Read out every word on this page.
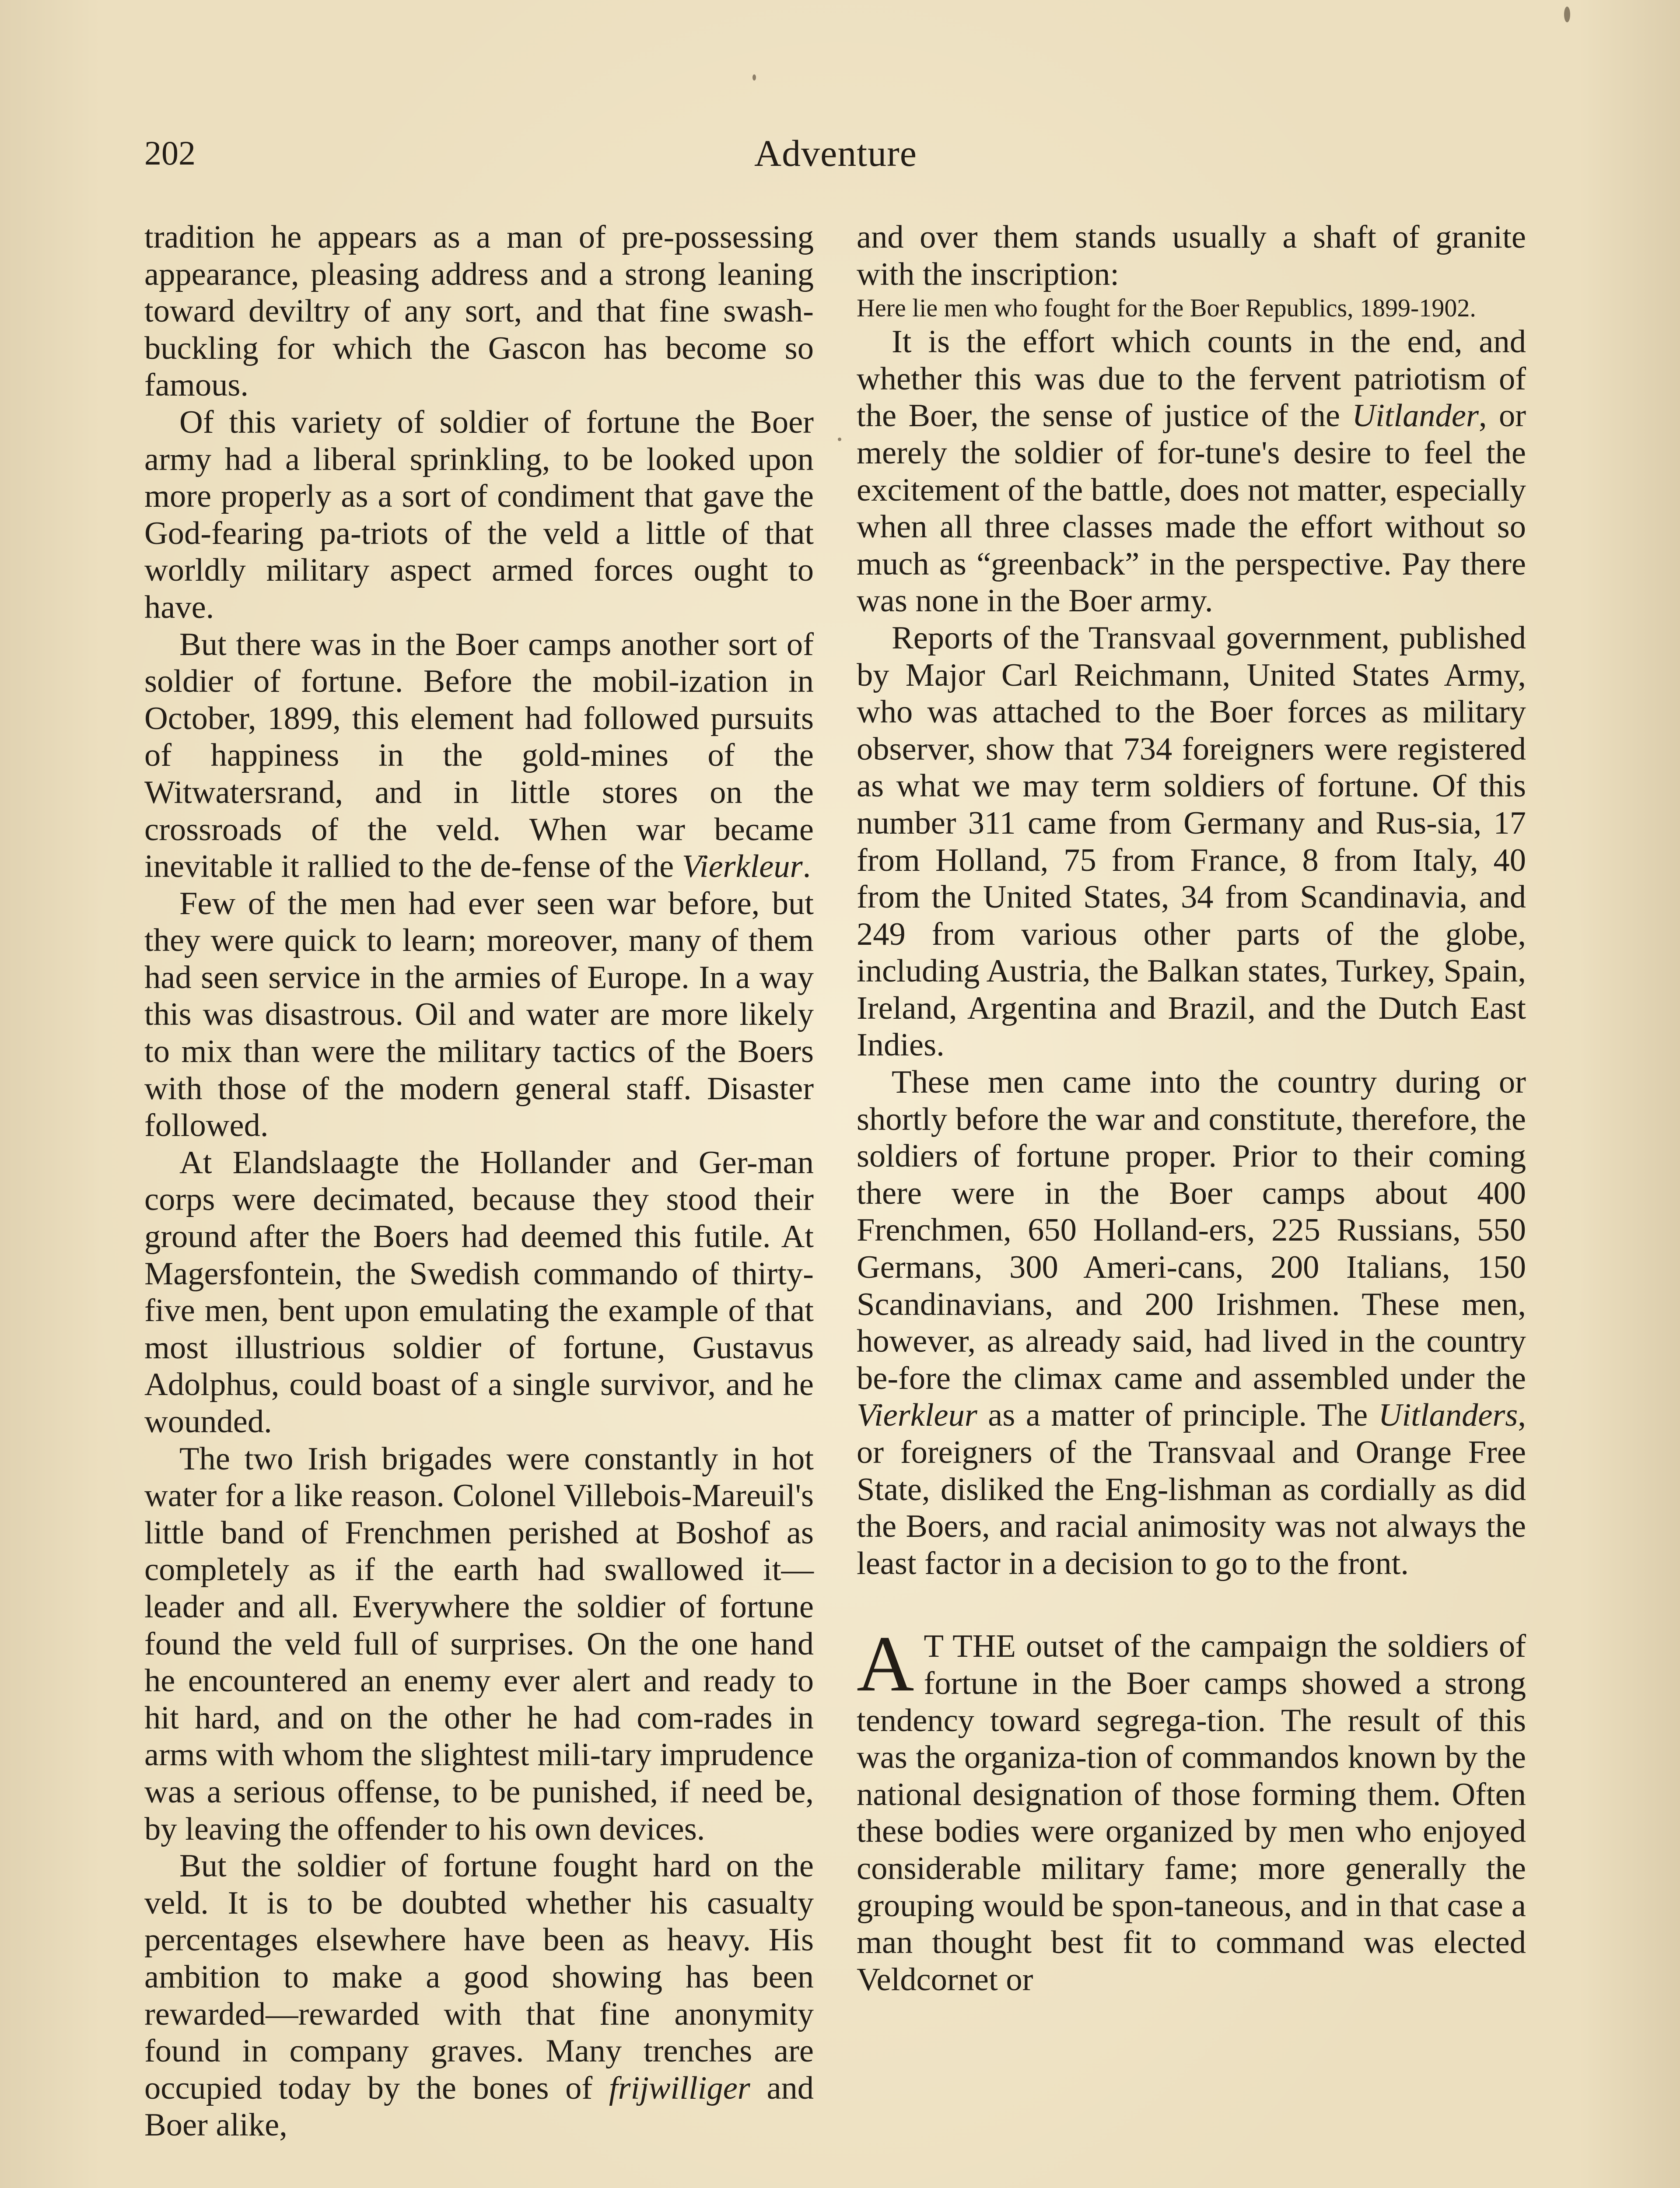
202	Adventure

tradition he appears as a man of pre-possessing appearance, pleasing address and a strong leaning toward deviltry of any sort, and that fine swash-buckling for which the Gascon has become so famous.

Of this variety of soldier of fortune the Boer army had a liberal sprinkling, to be looked upon more properly as a sort of condiment that gave the God-fearing pa-triots of the veld a little of that worldly military aspect armed forces ought to have.

But there was in the Boer camps another sort of soldier of fortune. Before the mobil-ization in October, 1899, this element had followed pursuits of happiness in the gold-mines of the Witwatersrand, and in little stores on the crossroads of the veld. When war became inevitable it rallied to the de-fense of the Vierkleur.

Few of the men had ever seen war before, but they were quick to learn; moreover, many of them had seen service in the armies of Europe. In a way this was disastrous. Oil and water are more likely to mix than were the military tactics of the Boers with those of the modern general staff. Disaster followed.

At Elandslaagte the Hollander and Ger-man corps were decimated, because they stood their ground after the Boers had deemed this futile. At Magersfontein, the Swedish commando of thirty-five men, bent upon emulating the example of that most illustrious soldier of fortune, Gustavus Adolphus, could boast of a single survivor, and he wounded.

The two Irish brigades were constantly in hot water for a like reason. Colonel Villebois-Mareuil's little band of Frenchmen perished at Boshof as completely as if the earth had swallowed it—leader and all. Everywhere the soldier of fortune found the veld full of surprises. On the one hand he encountered an enemy ever alert and ready to hit hard, and on the other he had com-rades in arms with whom the slightest mili-tary imprudence was a serious offense, to be punished, if need be, by leaving the offender to his own devices.

But the soldier of fortune fought hard on the veld. It is to be doubted whether his casualty percentages elsewhere have been as heavy. His ambition to make a good showing has been rewarded—rewarded with that fine anonymity found in company graves. Many trenches are occupied today by the bones of frijwilliger and Boer alike,

and over them stands usually a shaft of granite with the inscription:

Here lie men who fought for the Boer Republics, 1899-1902.

It is the effort which counts in the end, and whether this was due to the fervent patriotism of the Boer, the sense of justice of the Uitlander, or merely the soldier of for-tune's desire to feel the excitement of the battle, does not matter, especially when all three classes made the effort without so much as “greenback” in the perspective. Pay there was none in the Boer army.

Reports of the Transvaal government, published by Major Carl Reichmann, United States Army, who was attached to the Boer forces as military observer, show that 734 foreigners were registered as what we may term soldiers of fortune. Of this number 311 came from Germany and Rus-sia, 17 from Holland, 75 from France, 8 from Italy, 40 from the United States, 34 from Scandinavia, and 249 from various other parts of the globe, including Austria, the Balkan states, Turkey, Spain, Ireland, Argentina and Brazil, and the Dutch East Indies.

These men came into the country during or shortly before the war and constitute, therefore, the soldiers of fortune proper. Prior to their coming there were in the Boer camps about 400 Frenchmen, 650 Holland-ers, 225 Russians, 550 Germans, 300 Ameri-cans, 200 Italians, 150 Scandinavians, and 200 Irishmen. These men, however, as already said, had lived in the country be-fore the climax came and assembled under the Vierkleur as a matter of principle. The Uitlanders, or foreigners of the Transvaal and Orange Free State, disliked the Eng-lishman as cordially as did the Boers, and racial animosity was not always the least factor in a decision to go to the front.

A T THE outset of the campaign the soldiers of fortune in the Boer camps showed a strong tendency toward segrega-tion. The result of this was the organiza-tion of commandos known by the national designation of those forming them. Often these bodies were organized by men who enjoyed considerable military fame; more generally the grouping would be spon-taneous, and in that case a man thought best fit to command was elected Veldcornet or
